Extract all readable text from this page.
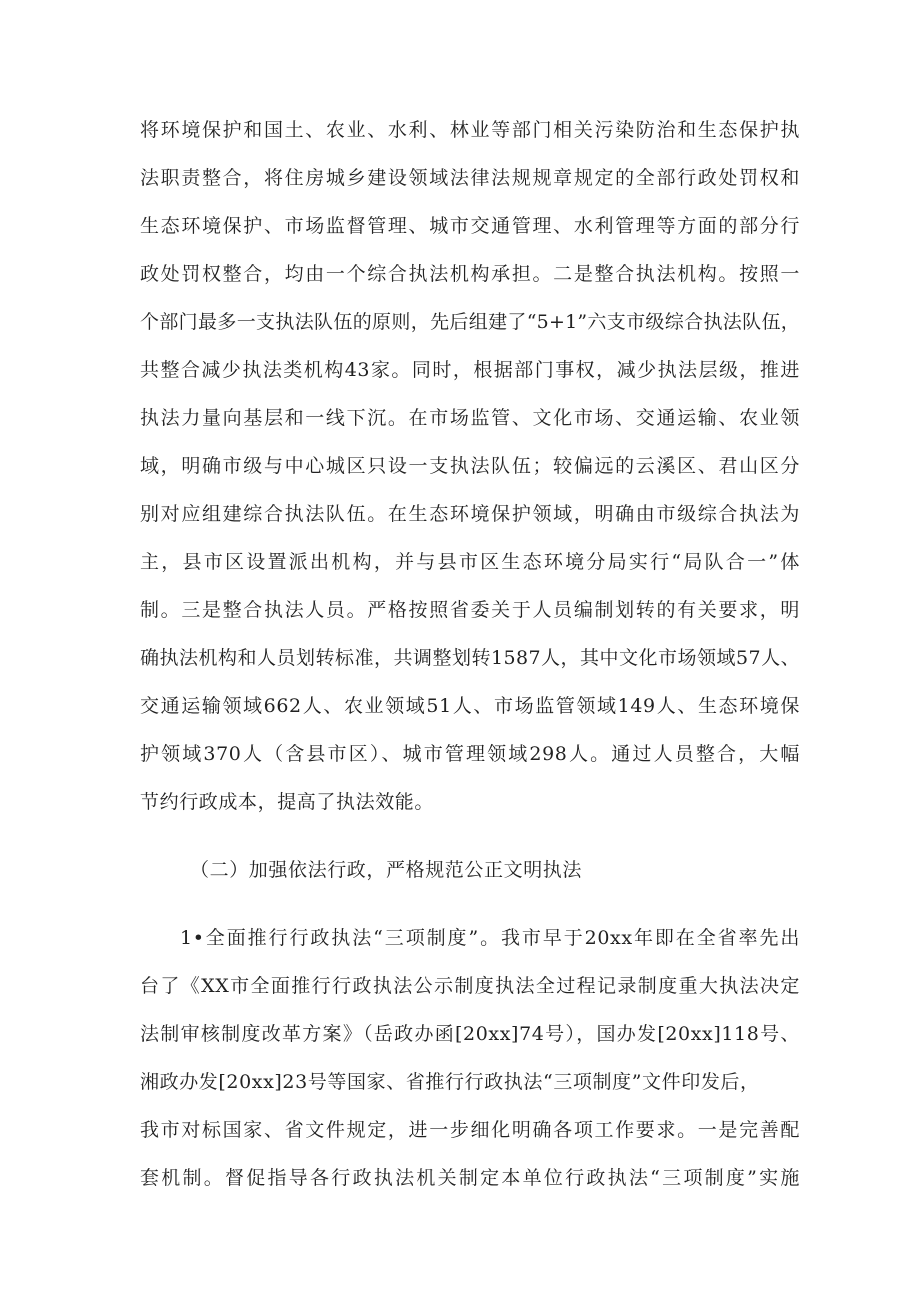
将环境保护和国土、农业、水利、林业等部门相关污染防治和生态保护执
法职责整合，将住房城乡建设领域法律法规规章规定的全部行政处罚权和
生态环境保护、市场监督管理、城市交通管理、水利管理等方面的部分行
政处罚权整合，均由一个综合执法机构承担。二是整合执法机构。按照一
个部门最多一支执法队伍的原则，先后组建了“5+1”六支市级综合执法队伍，
共整合减少执法类机构43家。同时，根据部门事权，减少执法层级，推进
执法力量向基层和一线下沉。在市场监管、文化市场、交通运输、农业领
域，明确市级与中心城区只设一支执法队伍；较偏远的云溪区、君山区分
别对应组建综合执法队伍。在生态环境保护领域，明确由市级综合执法为
主，县市区设置派出机构，并与县市区生态环境分局实行“局队合一”体
制。三是整合执法人员。严格按照省委关于人员编制划转的有关要求，明
确执法机构和人员划转标准，共调整划转1587人，其中文化市场领域57人、
交通运输领域662人、农业领域51人、市场监管领域149人、生态环境保
护领域370人（含县市区）、城市管理领域298人。通过人员整合，大幅
节约行政成本，提高了执法效能。
（二）加强依法行政，严格规范公正文明执法
1•全面推行行政执法“三项制度”。我市早于20xx年即在全省率先出
台了《XX市全面推行行政执法公示制度执法全过程记录制度重大执法决定
法制审核制度改革方案》（岳政办函[20xx]74号），国办发[20xx]118号、
湘政办发[20xx]23号等国家、省推行行政执法“三项制度”文件印发后，
我市对标国家、省文件规定，进一步细化明确各项工作要求。一是完善配
套机制。督促指导各行政执法机关制定本单位行政执法“三项制度”实施
